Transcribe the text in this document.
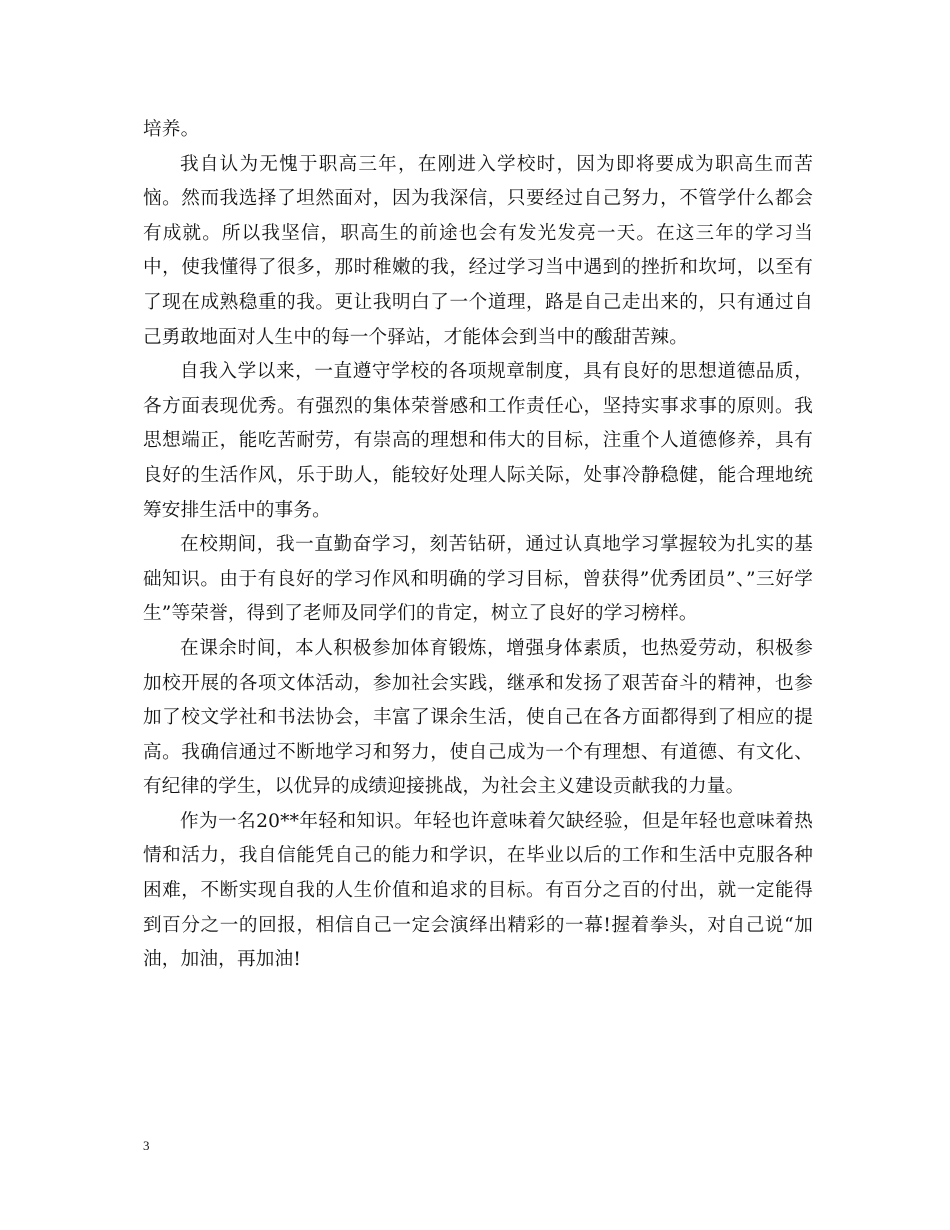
培养。

我自认为无愧于职高三年，在刚进入学校时，因为即将要成为职高生而苦恼。然而我选择了坦然面对，因为我深信，只要经过自己努力，不管学什么都会有成就。所以我坚信，职高生的前途也会有发光发亮一天。在这三年的学习当中，使我懂得了很多，那时稚嫩的我，经过学习当中遇到的挫折和坎坷，以至有了现在成熟稳重的我。更让我明白了一个道理，路是自己走出来的，只有通过自己勇敢地面对人生中的每一个驿站，才能体会到当中的酸甜苦辣。

自我入学以来，一直遵守学校的各项规章制度，具有良好的思想道德品质，各方面表现优秀。有强烈的集体荣誉感和工作责任心，坚持实事求事的原则。我思想端正，能吃苦耐劳，有崇高的理想和伟大的目标，注重个人道德修养，具有良好的生活作风，乐于助人，能较好处理人际关际，处事冷静稳健，能合理地统筹安排生活中的事务。

在校期间，我一直勤奋学习，刻苦钻研，通过认真地学习掌握较为扎实的基础知识。由于有良好的学习作风和明确的学习目标，曾获得”优秀团员”、”三好学生”等荣誉，得到了老师及同学们的肯定，树立了良好的学习榜样。

在课余时间，本人积极参加体育锻炼，增强身体素质，也热爱劳动，积极参加校开展的各项文体活动，参加社会实践，继承和发扬了艰苦奋斗的精神，也参加了校文学社和书法协会，丰富了课余生活，使自己在各方面都得到了相应的提高。我确信通过不断地学习和努力，使自己成为一个有理想、有道德、有文化、有纪律的学生，以优异的成绩迎接挑战，为社会主义建设贡献我的力量。

作为一名20**年轻和知识。年轻也许意味着欠缺经验，但是年轻也意味着热情和活力，我自信能凭自己的能力和学识，在毕业以后的工作和生活中克服各种困难，不断实现自我的人生价值和追求的目标。有百分之百的付出，就一定能得到百分之一的回报，相信自己一定会演绎出精彩的一幕!握着拳头，对自己说“加油，加油，再加油!

3
